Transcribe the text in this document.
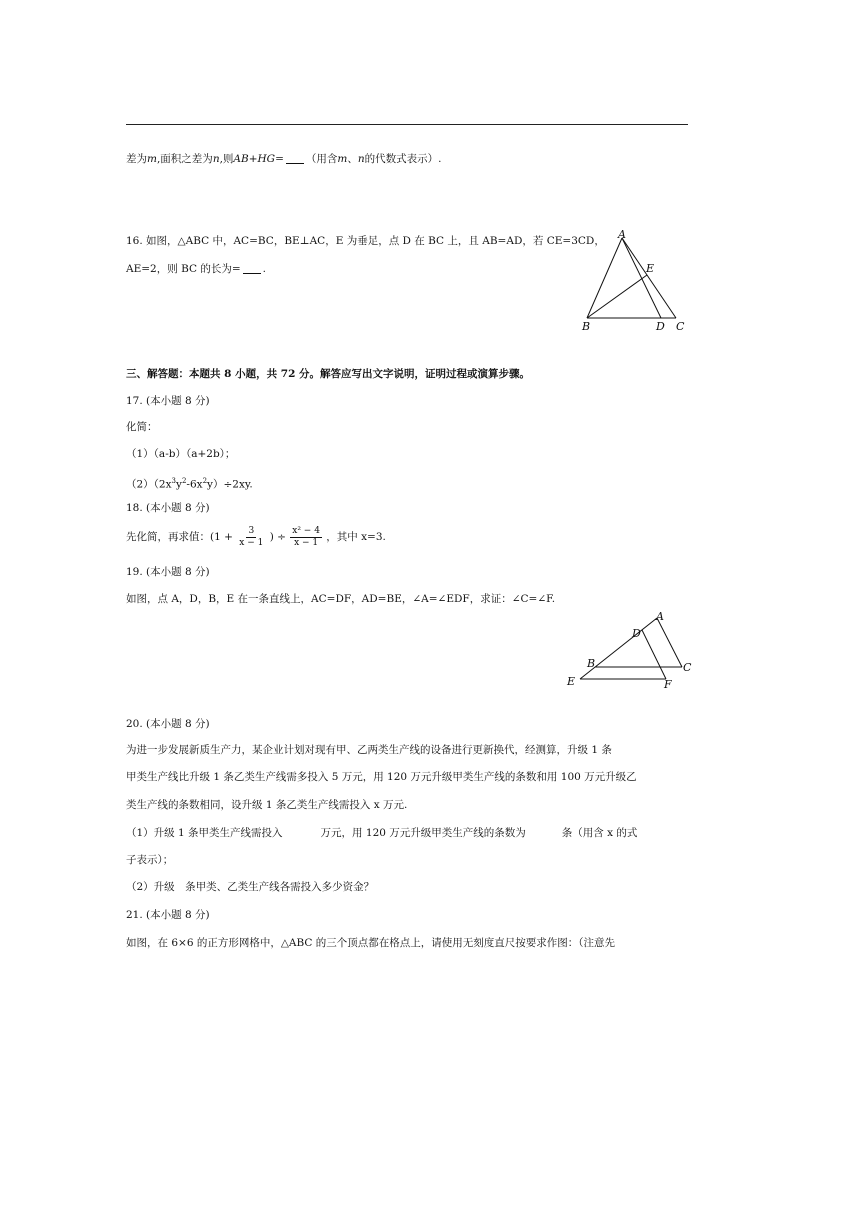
差为m,面积之差为n,则AB+HG= （用含m、n的代数式表示）.
16. 如图，△ABC 中，AC=BC，BE⊥AC，E 为垂足，点 D 在 BC 上，且 AB=AD，若 CE=3CD，
AE=2，则 BC 的长为= .
A
E
B	D C
三、解答题：本题共 8 小题，共 72 分。解答应写出文字说明，证明过程或演算步骤。
17. (本小题 8 分)
化简：
（1）（a-b）（a+2b）；
$(2)(2x^3y^2-6x^2y)\div 2xy$.
18. (本小题 8 分)
先化简，再求值：($1 + \frac{3}{x - 1}$ ) ÷ $\frac{\text{x² − 4}}{x - 1}$ ，其中 x=3.
19. (本小题 8 分)
如图，点 A，D，B，E 在一条直线上，AC=DF，AD=BE，∠A=∠EDF，求证：∠C=∠F.
A
D
B	C
E	F
20. (本小题 8 分)
为进一步发展新质生产力，某企业计划对现有甲、乙两类生产线的设备进行更新换代，经测算，升级 1 条
甲类生产线比升级 1 条乙类生产线需多投入 5 万元，用 120 万元升级甲类生产线的条数和用 100 万元升级乙
类生产线的条数相同，设升级 1 条乙类生产线需投入 x 万元.
（1）升级 1 条甲类生产线需投入	万元，用 120 万元升级甲类生产线的条数为	条（用含 x 的式
子表示）；
（2）升级　条甲类、乙类生产线各需投入多少资金？
21. (本小题 8 分)
如图，在 6×6 的正方形网格中，△ABC 的三个顶点都在格点上，请使用无刻度直尺按要求作图：（注意先
